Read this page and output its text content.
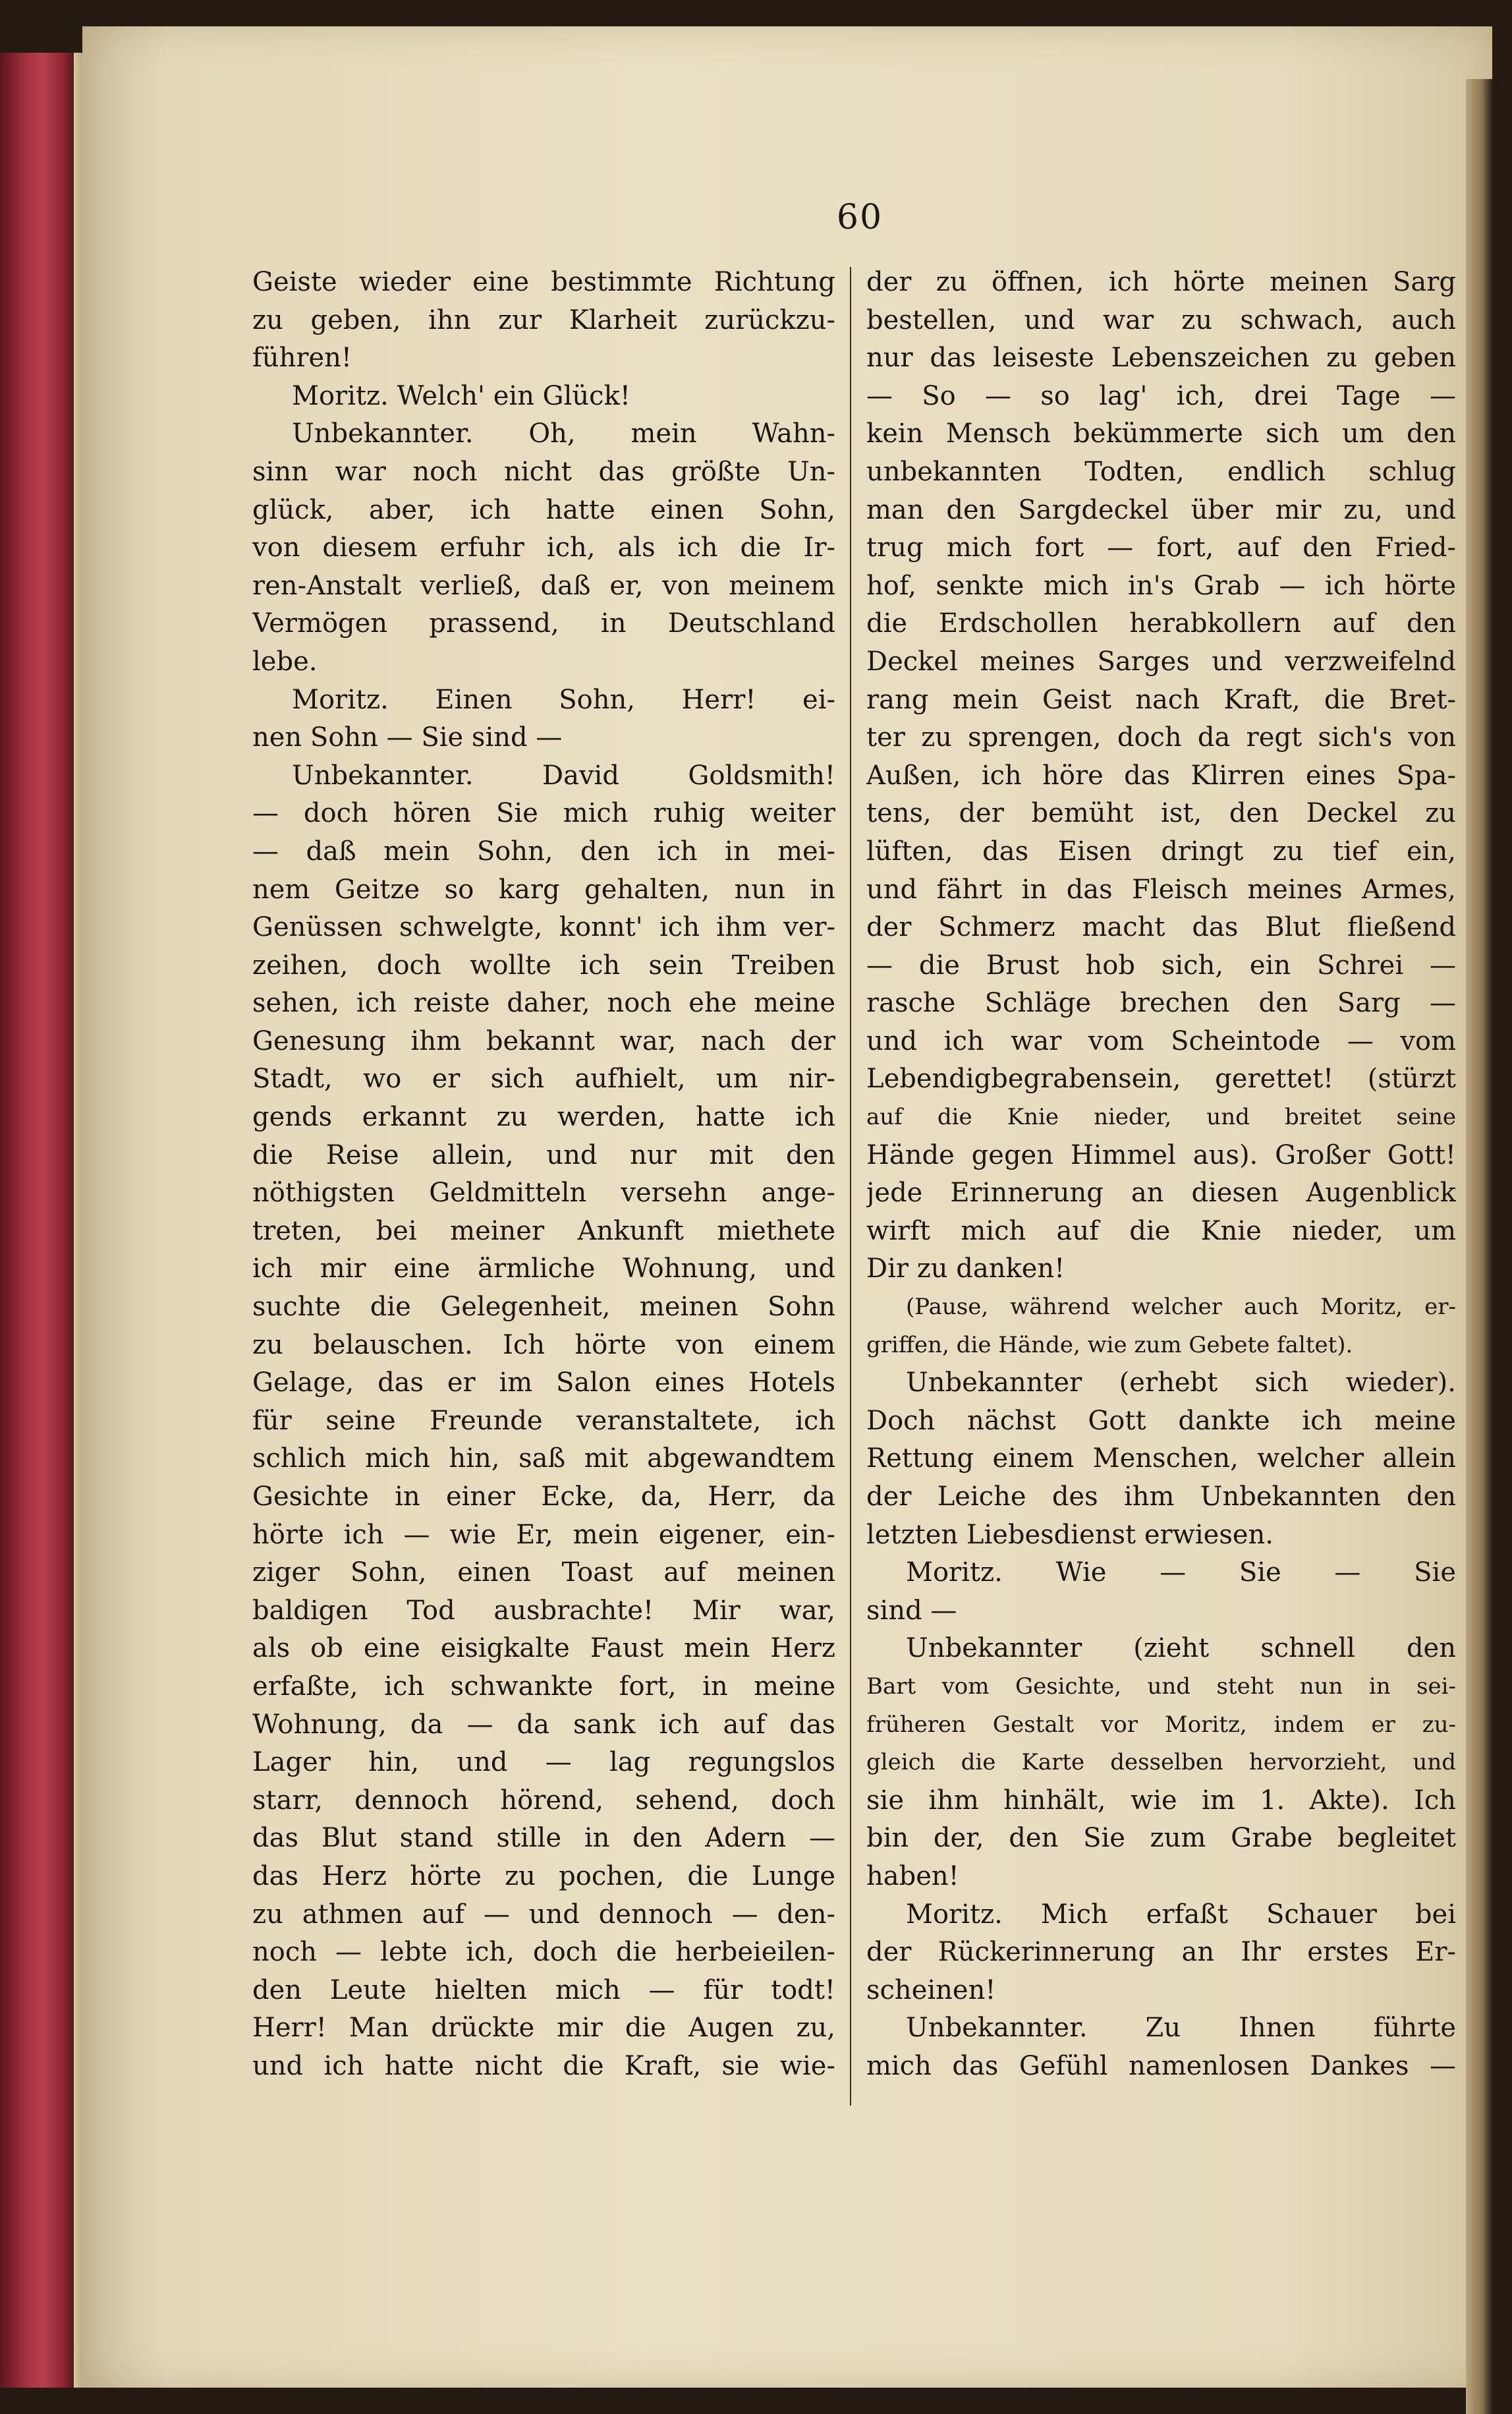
60
Geiste wieder eine bestimmte Richtung
zu geben, ihn zur Klarheit zurückzu-
führen!
Moritz. Welch' ein Glück!
Unbekannter. Oh, mein Wahn-
sinn war noch nicht das größte Un-
glück, aber, ich hatte einen Sohn,
von diesem erfuhr ich, als ich die Ir-
ren-Anstalt verließ, daß er, von meinem
Vermögen prassend, in Deutschland
lebe.
Moritz. Einen Sohn, Herr! ei-
nen Sohn — Sie sind —
Unbekannter. David Goldsmith!
— doch hören Sie mich ruhig weiter
— daß mein Sohn, den ich in mei-
nem Geitze so karg gehalten, nun in
Genüssen schwelgte, konnt' ich ihm ver-
zeihen, doch wollte ich sein Treiben
sehen, ich reiste daher, noch ehe meine
Genesung ihm bekannt war, nach der
Stadt, wo er sich aufhielt, um nir-
gends erkannt zu werden, hatte ich
die Reise allein, und nur mit den
nöthigsten Geldmitteln versehn ange-
treten, bei meiner Ankunft miethete
ich mir eine ärmliche Wohnung, und
suchte die Gelegenheit, meinen Sohn
zu belauschen. Ich hörte von einem
Gelage, das er im Salon eines Hotels
für seine Freunde veranstaltete, ich
schlich mich hin, saß mit abgewandtem
Gesichte in einer Ecke, da, Herr, da
hörte ich — wie Er, mein eigener, ein-
ziger Sohn, einen Toast auf meinen
baldigen Tod ausbrachte! Mir war,
als ob eine eisigkalte Faust mein Herz
erfaßte, ich schwankte fort, in meine
Wohnung, da — da sank ich auf das
Lager hin, und — lag regungslos
starr, dennoch hörend, sehend, doch
das Blut stand stille in den Adern —
das Herz hörte zu pochen, die Lunge
zu athmen auf — und dennoch — den-
noch — lebte ich, doch die herbeieilen-
den Leute hielten mich — für todt!
Herr! Man drückte mir die Augen zu,
und ich hatte nicht die Kraft, sie wie-
der zu öffnen, ich hörte meinen Sarg
bestellen, und war zu schwach, auch
nur das leiseste Lebenszeichen zu geben
— So — so lag' ich, drei Tage —
kein Mensch bekümmerte sich um den
unbekannten Todten, endlich schlug
man den Sargdeckel über mir zu, und
trug mich fort — fort, auf den Fried-
hof, senkte mich in's Grab — ich hörte
die Erdschollen herabkollern auf den
Deckel meines Sarges und verzweifelnd
rang mein Geist nach Kraft, die Bret-
ter zu sprengen, doch da regt sich's von
Außen, ich höre das Klirren eines Spa-
tens, der bemüht ist, den Deckel zu
lüften, das Eisen dringt zu tief ein,
und fährt in das Fleisch meines Armes,
der Schmerz macht das Blut fließend
— die Brust hob sich, ein Schrei —
rasche Schläge brechen den Sarg —
und ich war vom Scheintode — vom
Lebendigbegrabensein, gerettet! (stürzt
auf die Knie nieder, und breitet seine
Hände gegen Himmel aus). Großer Gott!
jede Erinnerung an diesen Augenblick
wirft mich auf die Knie nieder, um
Dir zu danken!
(Pause, während welcher auch Moritz, er-
griffen, die Hände, wie zum Gebete faltet).
Unbekannter (erhebt sich wieder).
Doch nächst Gott dankte ich meine
Rettung einem Menschen, welcher allein
der Leiche des ihm Unbekannten den
letzten Liebesdienst erwiesen.
Moritz. Wie — Sie — Sie
sind —
Unbekannter (zieht schnell den
Bart vom Gesichte, und steht nun in sei-
früheren Gestalt vor Moritz, indem er zu-
gleich die Karte desselben hervorzieht, und
sie ihm hinhält, wie im 1. Akte). Ich
bin der, den Sie zum Grabe begleitet
haben!
Moritz. Mich erfaßt Schauer bei
der Rückerinnerung an Ihr erstes Er-
scheinen!
Unbekannter. Zu Ihnen führte
mich das Gefühl namenlosen Dankes —
